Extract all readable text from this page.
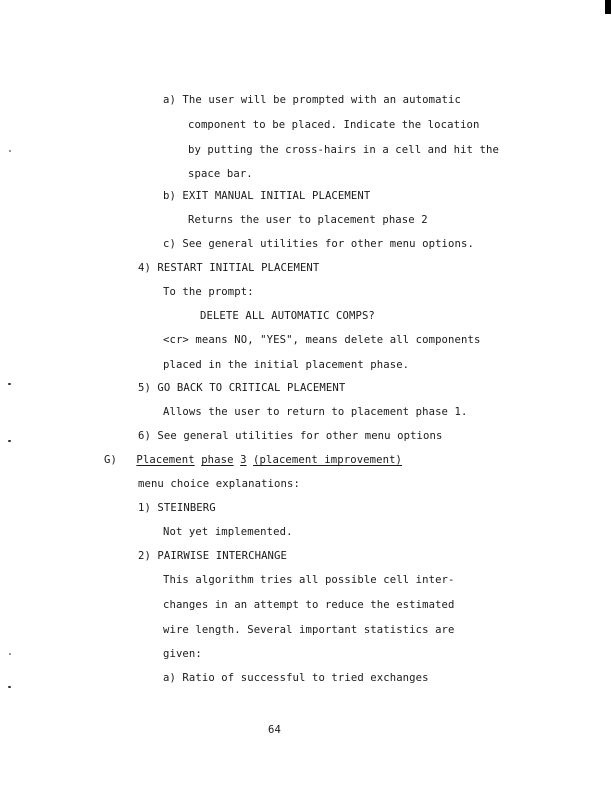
a) The user will be prompted with an automatic
component to be placed. Indicate the location
by putting the cross-hairs in a cell and hit the
space bar.
b) EXIT MANUAL INITIAL PLACEMENT
Returns the user to placement phase 2
c) See general utilities for other menu options.
4) RESTART INITIAL PLACEMENT
To the prompt:
DELETE ALL AUTOMATIC COMPS?
<cr> means NO, "YES", means delete all components
placed in the initial placement phase.
5) GO BACK TO CRITICAL PLACEMENT
Allows the user to return to placement phase 1.
6) See general utilities for other menu options
G) Placement phase 3 (placement improvement)
menu choice explanations:
1) STEINBERG
Not yet implemented.
2) PAIRWISE INTERCHANGE
This algorithm tries all possible cell inter-
changes in an attempt to reduce the estimated
wire length. Several important statistics are
given:
a) Ratio of successful to tried exchanges
64
